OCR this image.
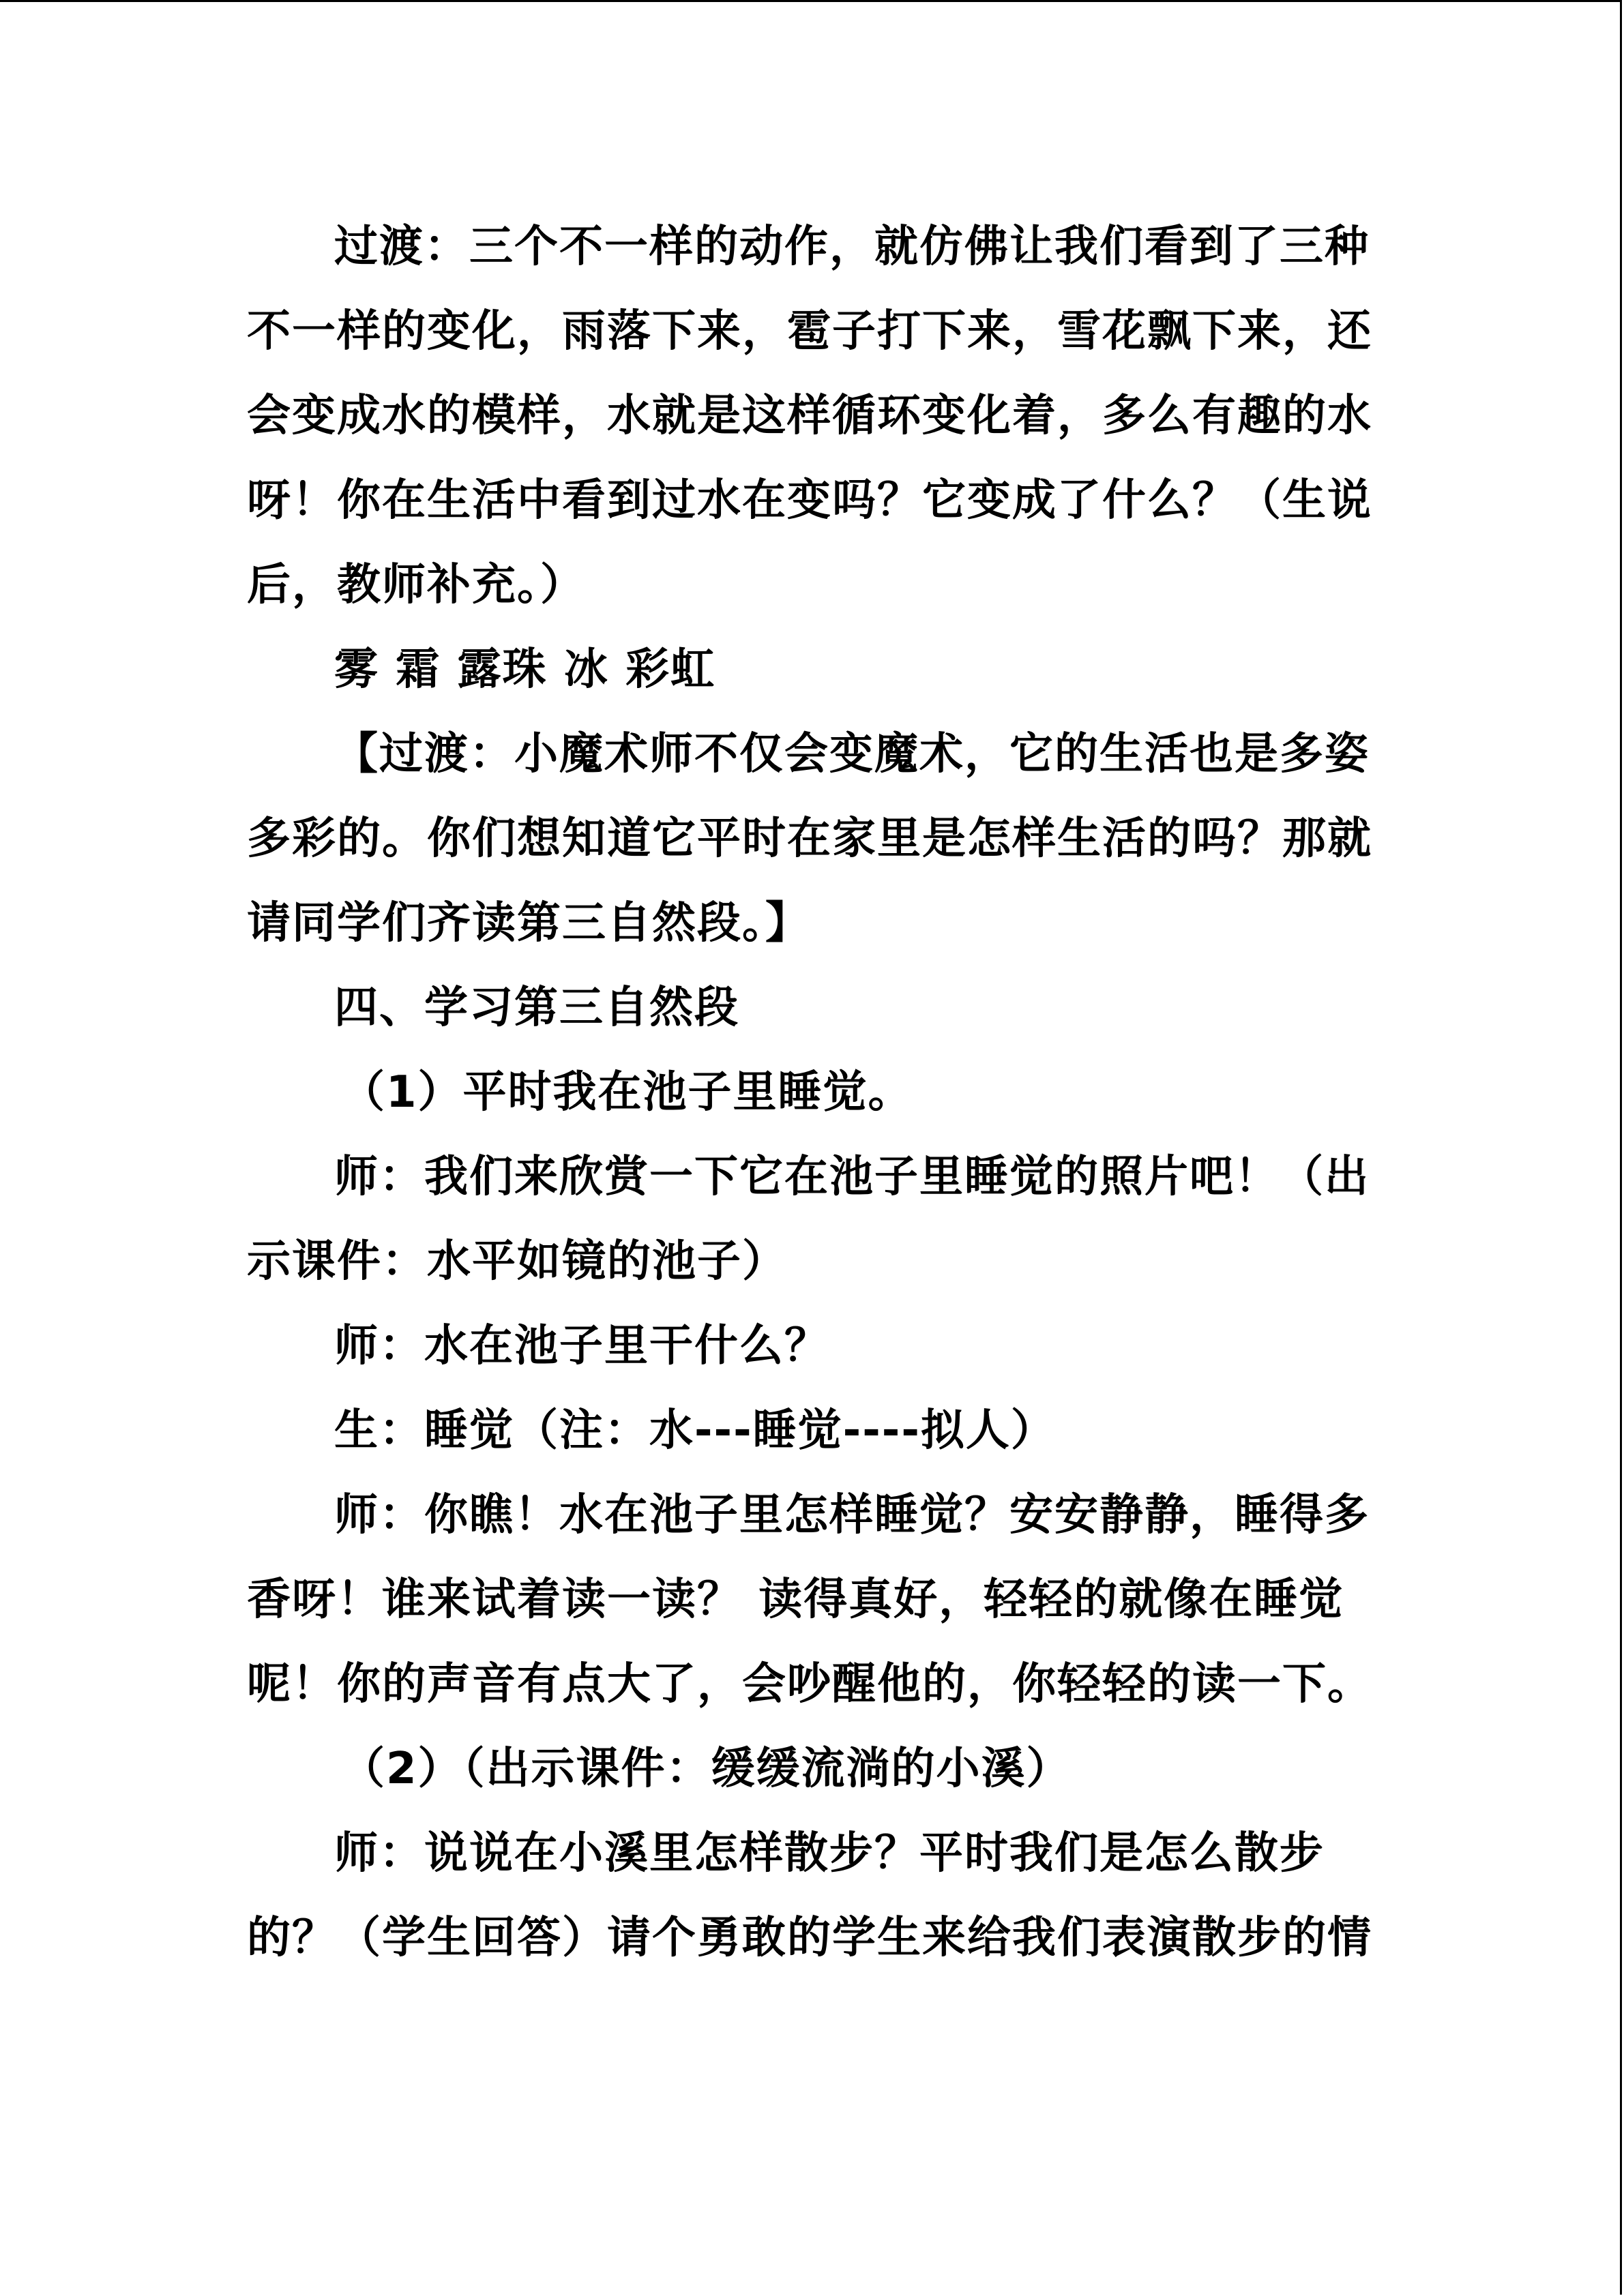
过渡：三个不一样的动作，就仿佛让我们看到了三种
不一样的变化，雨落下来，雹子打下来，雪花飘下来，还
会变成水的模样，水就是这样循环变化着，多么有趣的水
呀！你在生活中看到过水在变吗？它变成了什么？（生说
后，教师补充。）
雾 霜 露珠 冰 彩虹
【过渡：小魔术师不仅会变魔术，它的生活也是多姿
多彩的。你们想知道它平时在家里是怎样生活的吗？那就
请同学们齐读第三自然段。】
四、学习第三自然段
（1）平时我在池子里睡觉。
师：我们来欣赏一下它在池子里睡觉的照片吧！（出
示课件：水平如镜的池子）
师：水在池子里干什么？
生：睡觉（注：水---睡觉----拟人）
师：你瞧！水在池子里怎样睡觉？安安静静，睡得多
香呀！谁来试着读一读？ 读得真好，轻轻的就像在睡觉
呢！你的声音有点大了，会吵醒他的，你轻轻的读一下。
（2）（出示课件：缓缓流淌的小溪）
师：说说在小溪里怎样散步？平时我们是怎么散步
的？（学生回答）请个勇敢的学生来给我们表演散步的情
